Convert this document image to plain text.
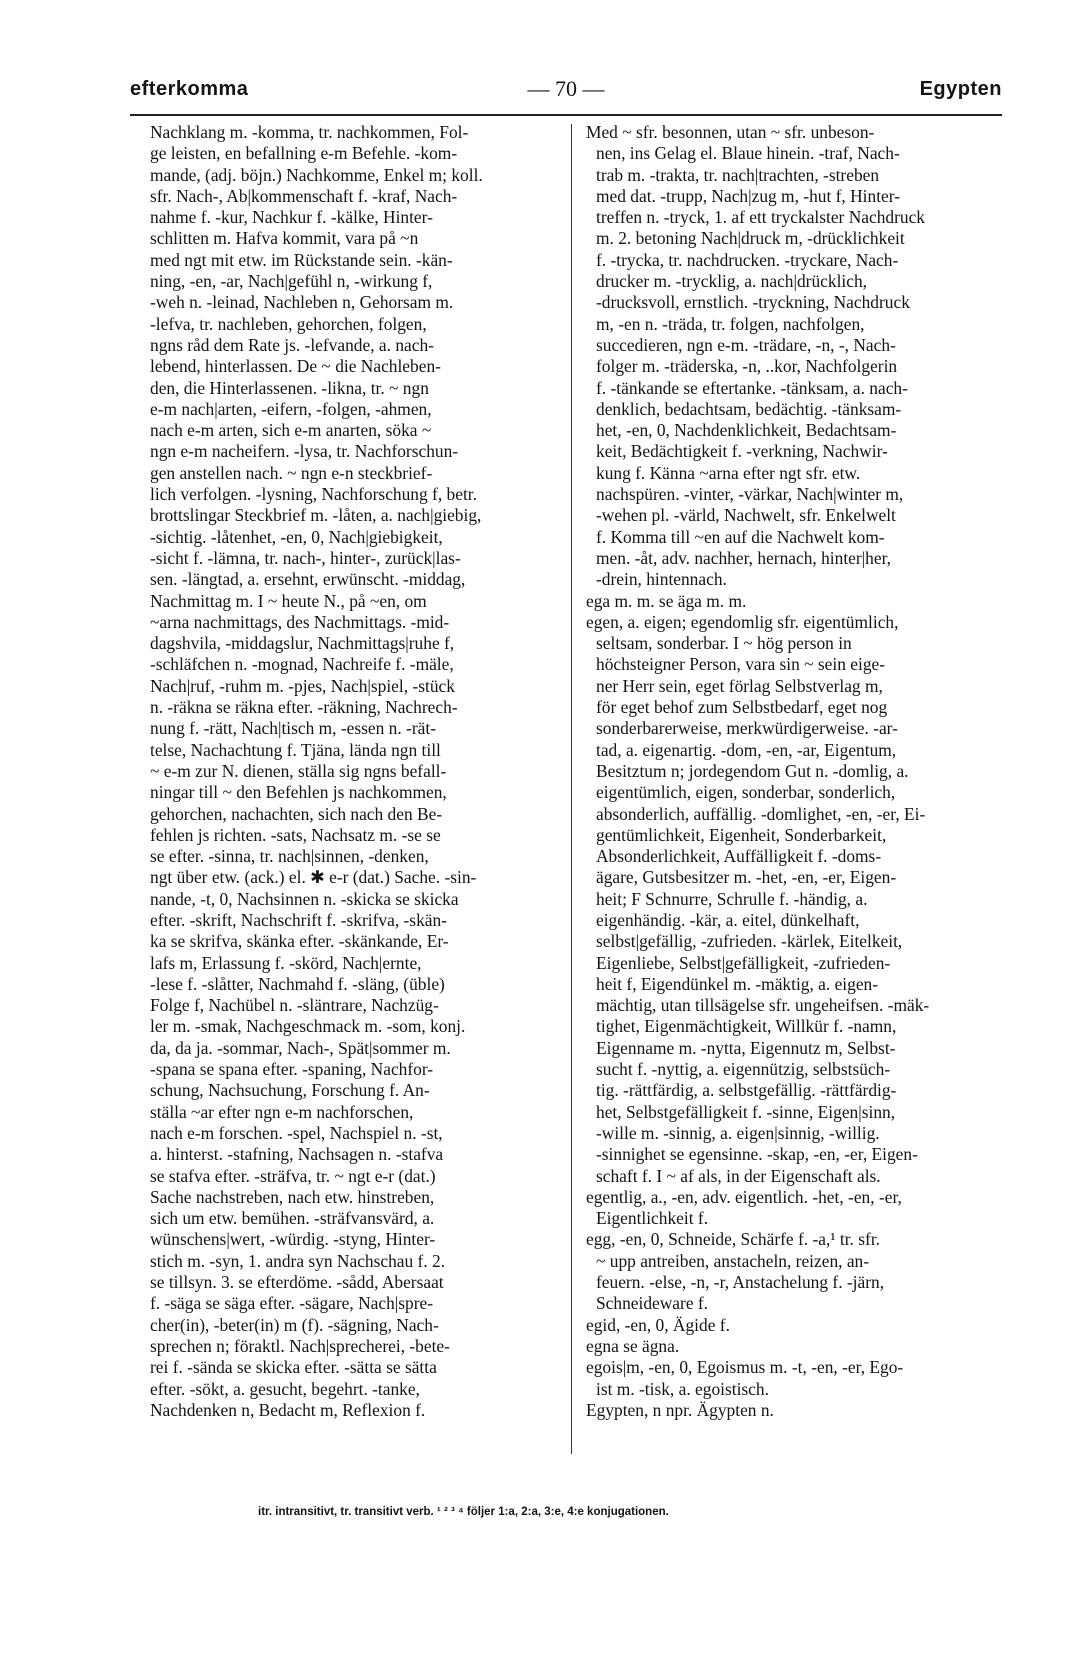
efterkomma	— 70 —	Egypten
Nachklang m. -komma, tr. nachkommen, Fol-
ge leisten, en befallning e-m Befehle. -kom-
mande, (adj. böjn.) Nachkomme, Enkel m; koll.
sfr. Nach-, Ab|kommenschaft f. -kraf, Nach-
nahme f. -kur, Nachkur f. -kälke, Hinter-
schlitten m. Hafva kommit, vara på ~n
med ngt mit etw. im Rückstande sein. -kän-
ning, -en, -ar, Nach|gefühl n, -wirkung f,
-weh n. -leinad, Nachleben n, Gehorsam m.
-lefva, tr. nachleben, gehorchen, folgen,
ngns råd dem Rate js. -lefvande, a. nach-
lebend, hinterlassen. De ~ die Nachleben-
den, die Hinterlassenen. -likna, tr. ~ ngn
e-m nach|arten, -eifern, -folgen, -ahmen,
nach e-m arten, sich e-m anarten, söka ~
ngn e-m nacheifern. -lysa, tr. Nachforschun-
gen anstellen nach. ~ ngn e-n steckbrief-
lich verfolgen. -lysning, Nachforschung f, betr.
brottslingar Steckbrief m. -låten, a. nach|giebig,
-sichtig. -låtenhet, -en, 0, Nach|giebigkeit,
-sicht f. -lämna, tr. nach-, hinter-, zurück|las-
sen. -längtad, a. ersehnt, erwünscht. -middag,
Nachmittag m. I ~ heute N., på ~en, om
~arna nachmittags, des Nachmittags. -mid-
dagshvila, -middagslur, Nachmittags|ruhe f,
-schläfchen n. -mognad, Nachreife f. -mäle,
Nach|ruf, -ruhm m. -pjes, Nach|spiel, -stück
n. -räkna se räkna efter. -räkning, Nachrech-
nung f. -rätt, Nach|tisch m, -essen n. -rät-
telse, Nachachtung f. Tjäna, lända ngn till
~ e-m zur N. dienen, ställa sig ngns befall-
ningar till ~ den Befehlen js nachkommen,
gehorchen, nachachten, sich nach den Be-
fehlen js richten. -sats, Nachsatz m. -se se
se efter. -sinna, tr. nach|sinnen, -denken,
ngt über etw. (ack.) el. ✱ e-r (dat.) Sache. -sin-
nande, -t, 0, Nachsinnen n. -skicka se skicka
efter. -skrift, Nachschrift f. -skrifva, -skän-
ka se skrifva, skänka efter. -skänkande, Er-
lafs m, Erlassung f. -skörd, Nach|ernte,
-lese f. -slåtter, Nachmahd f. -släng, (üble)
Folge f, Nachübel n. -släntrare, Nachzüg-
ler m. -smak, Nachgeschmack m. -som, konj.
da, da ja. -sommar, Nach-, Spät|sommer m.
-spana se spana efter. -spaning, Nachfor-
schung, Nachsuchung, Forschung f. An-
ställa ~ar efter ngn e-m nachforschen,
nach e-m forschen. -spel, Nachspiel n. -st,
a. hinterst. -stafning, Nachsagen n. -stafva
se stafva efter. -sträfva, tr. ~ ngt e-r (dat.)
Sache nachstreben, nach etw. hinstreben,
sich um etw. bemühen. -sträfvansvärd, a.
wünschens|wert, -würdig. -styng, Hinter-
stich m. -syn, 1. andra syn Nachschau f. 2.
se tillsyn. 3. se efterdöme. -sådd, Abersaat
f. -säga se säga efter. -sägare, Nach|spre-
cher(in), -beter(in) m (f). -sägning, Nach-
sprechen n; föraktl. Nach|sprecherei, -bete-
rei f. -sända se skicka efter. -sätta se sätta
efter. -sökt, a. gesucht, begehrt. -tanke,
Nachdenken n, Bedacht m, Reflexion f.
Med ~ sfr. besonnen, utan ~ sfr. unbeson-
nen, ins Gelag el. Blaue hinein. -traf, Nach-
trab m. -trakta, tr. nach|trachten, -streben
med dat. -trupp, Nach|zug m, -hut f, Hinter-
treffen n. -tryck, 1. af ett tryckalster Nachdruck
m. 2. betoning Nach|druck m, -drücklichkeit
f. -trycka, tr. nachdrucken. -tryckare, Nach-
drucker m. -trycklig, a. nach|drücklich,
-drucksvoll, ernstlich. -tryckning, Nachdruck
m, -en n. -träda, tr. folgen, nachfolgen,
succedieren, ngn e-m. -trädare, -n, -, Nach-
folger m. -träderska, -n, ..kor, Nachfolgerin
f. -tänkande se eftertanke. -tänksam, a. nach-
denklich, bedachtsam, bedächtig. -tänksam-
het, -en, 0, Nachdenklichkeit, Bedachtsam-
keit, Bedächtigkeit f. -verkning, Nachwir-
kung f. Känna ~arna efter ngt sfr. etw.
nachspüren. -vinter, -värkar, Nach|winter m,
-wehen pl. -värld, Nachwelt, sfr. Enkelwelt
f. Komma till ~en auf die Nachwelt kom-
men. -åt, adv. nachher, hernach, hinter|her,
-drein, hintennach.
ega m. m. se äga m. m.
egen, a. eigen; egendomlig sfr. eigentümlich,
seltsam, sonderbar. I ~ hög person in
höchsteigner Person, vara sin ~ sein eige-
ner Herr sein, eget förlag Selbstverlag m,
för eget behof zum Selbstbedarf, eget nog
sonderbarerweise, merkwürdigerweise. -ar-
tad, a. eigenartig. -dom, -en, -ar, Eigentum,
Besitztum n; jordegendom Gut n. -domlig, a.
eigentümlich, eigen, sonderbar, sonderlich,
absonderlich, auffällig. -domlighet, -en, -er, Ei-
gentümlichkeit, Eigenheit, Sonderbarkeit,
Absonderlichkeit, Auffälligkeit f. -doms-
ägare, Gutsbesitzer m. -het, -en, -er, Eigen-
heit; F Schnurre, Schrulle f. -händig, a.
eigenhändig. -kär, a. eitel, dünkelhaft,
selbst|gefällig, -zufrieden. -kärlek, Eitelkeit,
Eigenliebe, Selbst|gefälligkeit, -zufrieden-
heit f, Eigendünkel m. -mäktig, a. eigen-
mächtig, utan tillsägelse sfr. ungeheifsen. -mäk-
tighet, Eigenmächtigkeit, Willkür f. -namn,
Eigenname m. -nytta, Eigennutz m, Selbst-
sucht f. -nyttig, a. eigennützig, selbstsüch-
tig. -rättfärdig, a. selbstgefällig. -rättfärdig-
het, Selbstgefälligkeit f. -sinne, Eigen|sinn,
-wille m. -sinnig, a. eigen|sinnig, -willig.
-sinnighet se egensinne. -skap, -en, -er, Eigen-
schaft f. I ~ af als, in der Eigenschaft als.
egentlig, a., -en, adv. eigentlich. -het, -en, -er,
Eigentlichkeit f.
egg, -en, 0, Schneide, Schärfe f. -a,¹ tr. sfr.
~ upp antreiben, anstacheln, reizen, an-
feuern. -else, -n, -r, Anstachelung f. -järn,
Schneideware f.
egid, -en, 0, Ägide f.
egna se ägna.
egois|m, -en, 0, Egoismus m. -t, -en, -er, Ego-
ist m. -tisk, a. egoistisch.
Egypten, n npr. Ägypten n.
itr. intransitivt, tr. transitivt verb. ¹ ² ³ ⁴ följer 1:a, 2:a, 3:e, 4:e konjugationen.
